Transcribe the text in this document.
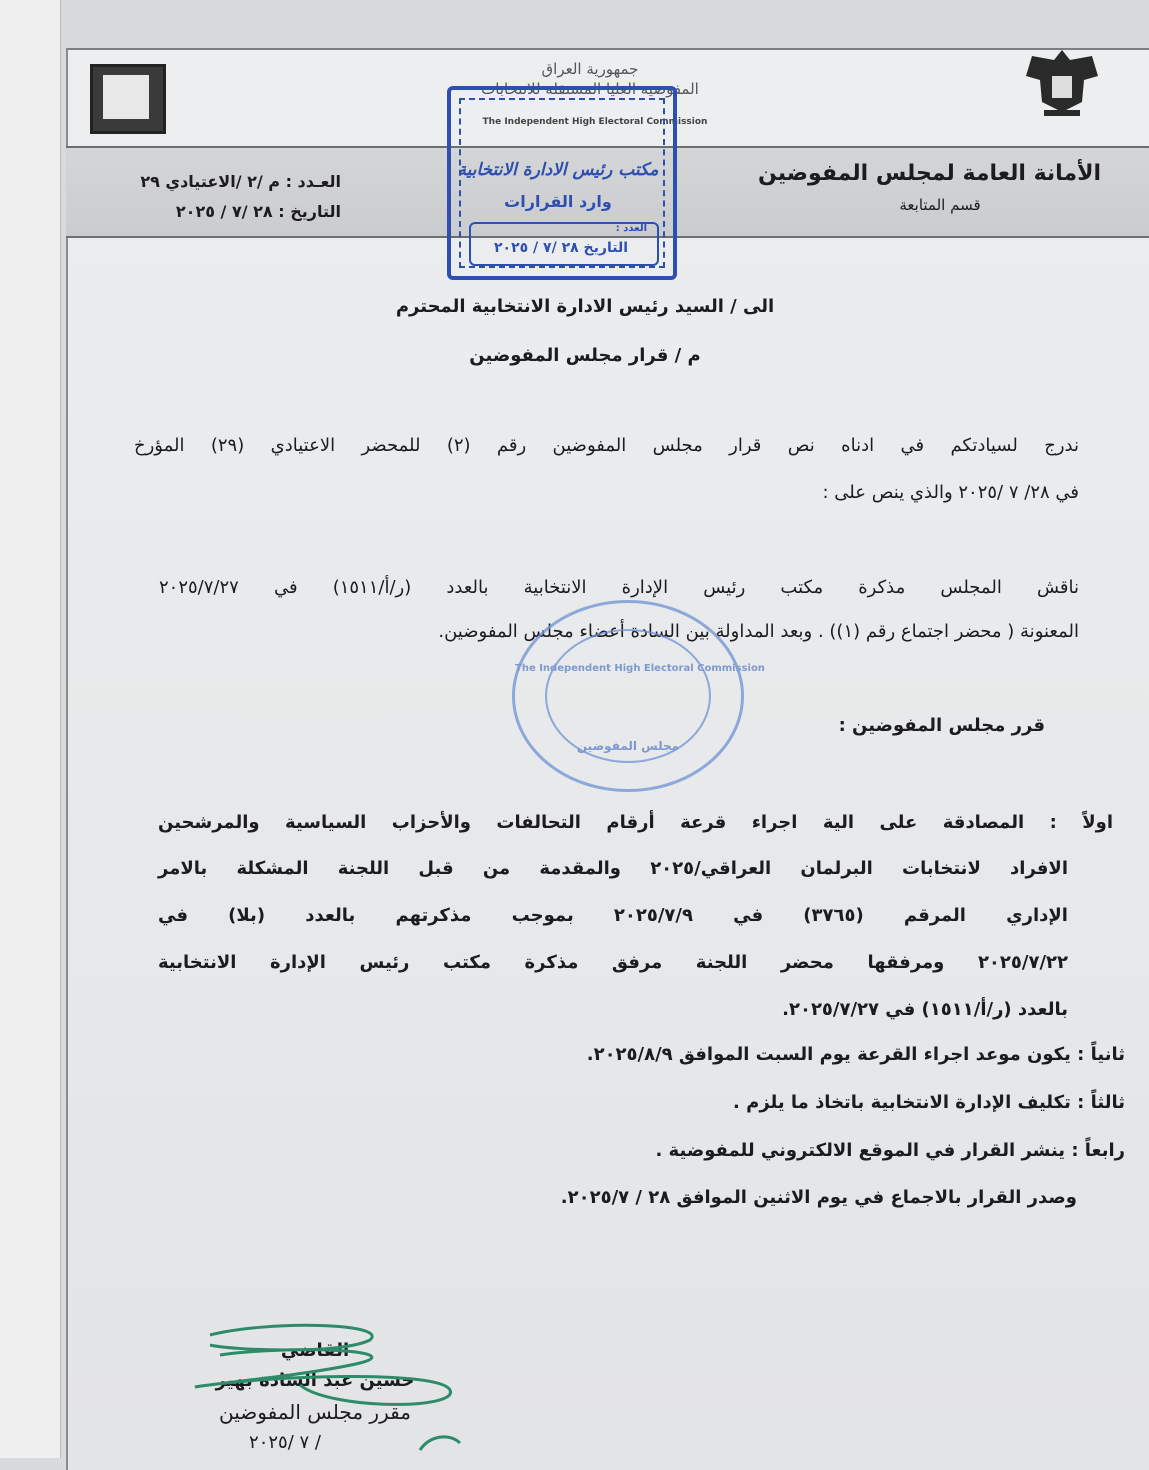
جمهورية العراق
المفوضية العليا المستقلة للانتخابات
The Independent High Electoral Commission
الأمانة العامة لمجلس المفوضين
قسم المتابعة
العـدد : م /٢ /الاعتيادي ٢٩
التاريخ : ٢٨ /٧ / ٢٠٢٥
مكتب رئيس الادارة الانتخابية
وارد القرارات
العدد :
التاريخ ٢٨ /٧ / ٢٠٢٥
الى / السيد رئيس الادارة الانتخابية المحترم
م / قرار مجلس المفوضين
ندرج لسيادتكم في ادناه نص قرار مجلس المفوضين رقم (٢) للمحضر الاعتيادي (٢٩) المؤرخ
في ٢٨/ ٧ /٢٠٢٥ والذي ينص على :
ناقش المجلس مذكرة مكتب رئيس الإدارة الانتخابية بالعدد (ر/أ/١٥١١) في ٢٠٢٥/٧/٢٧
المعنونة ( محضر اجتماع رقم (١)) . وبعد المداولة بين السادة أعضاء مجلس المفوضين.
The Independent High Electoral Commission
مجلس المفوضين
قرر مجلس المفوضين :
اولاً : المصادقة على الية اجراء قرعة أرقام التحالفات والأحزاب السياسية والمرشحين
الافراد لانتخابات البرلمان العراقي/٢٠٢٥ والمقدمة من قبل اللجنة المشكلة بالامر
الإداري المرقم (٣٧٦٥) في ٢٠٢٥/٧/٩ بموجب مذكرتهم بالعدد (بلا) في
٢٠٢٥/٧/٢٢ ومرفقها محضر اللجنة مرفق مذكرة مكتب رئيس الإدارة الانتخابية
بالعدد (ر/أ/١٥١١) في ٢٠٢٥/٧/٢٧.
ثانياً : يكون موعد اجراء القرعة يوم السبت الموافق ٢٠٢٥/٨/٩.
ثالثاً : تكليف الإدارة الانتخابية باتخاذ ما يلزم .
رابعاً : ينشر القرار في الموقع الالكتروني للمفوضية .
وصدر القرار بالاجماع في يوم الاثنين الموافق ٢٨ / ٢٠٢٥/٧.
القاضي
حسين عبد السادة بهير
مقرر مجلس المفوضين
/ ٧ /٢٠٢٥
